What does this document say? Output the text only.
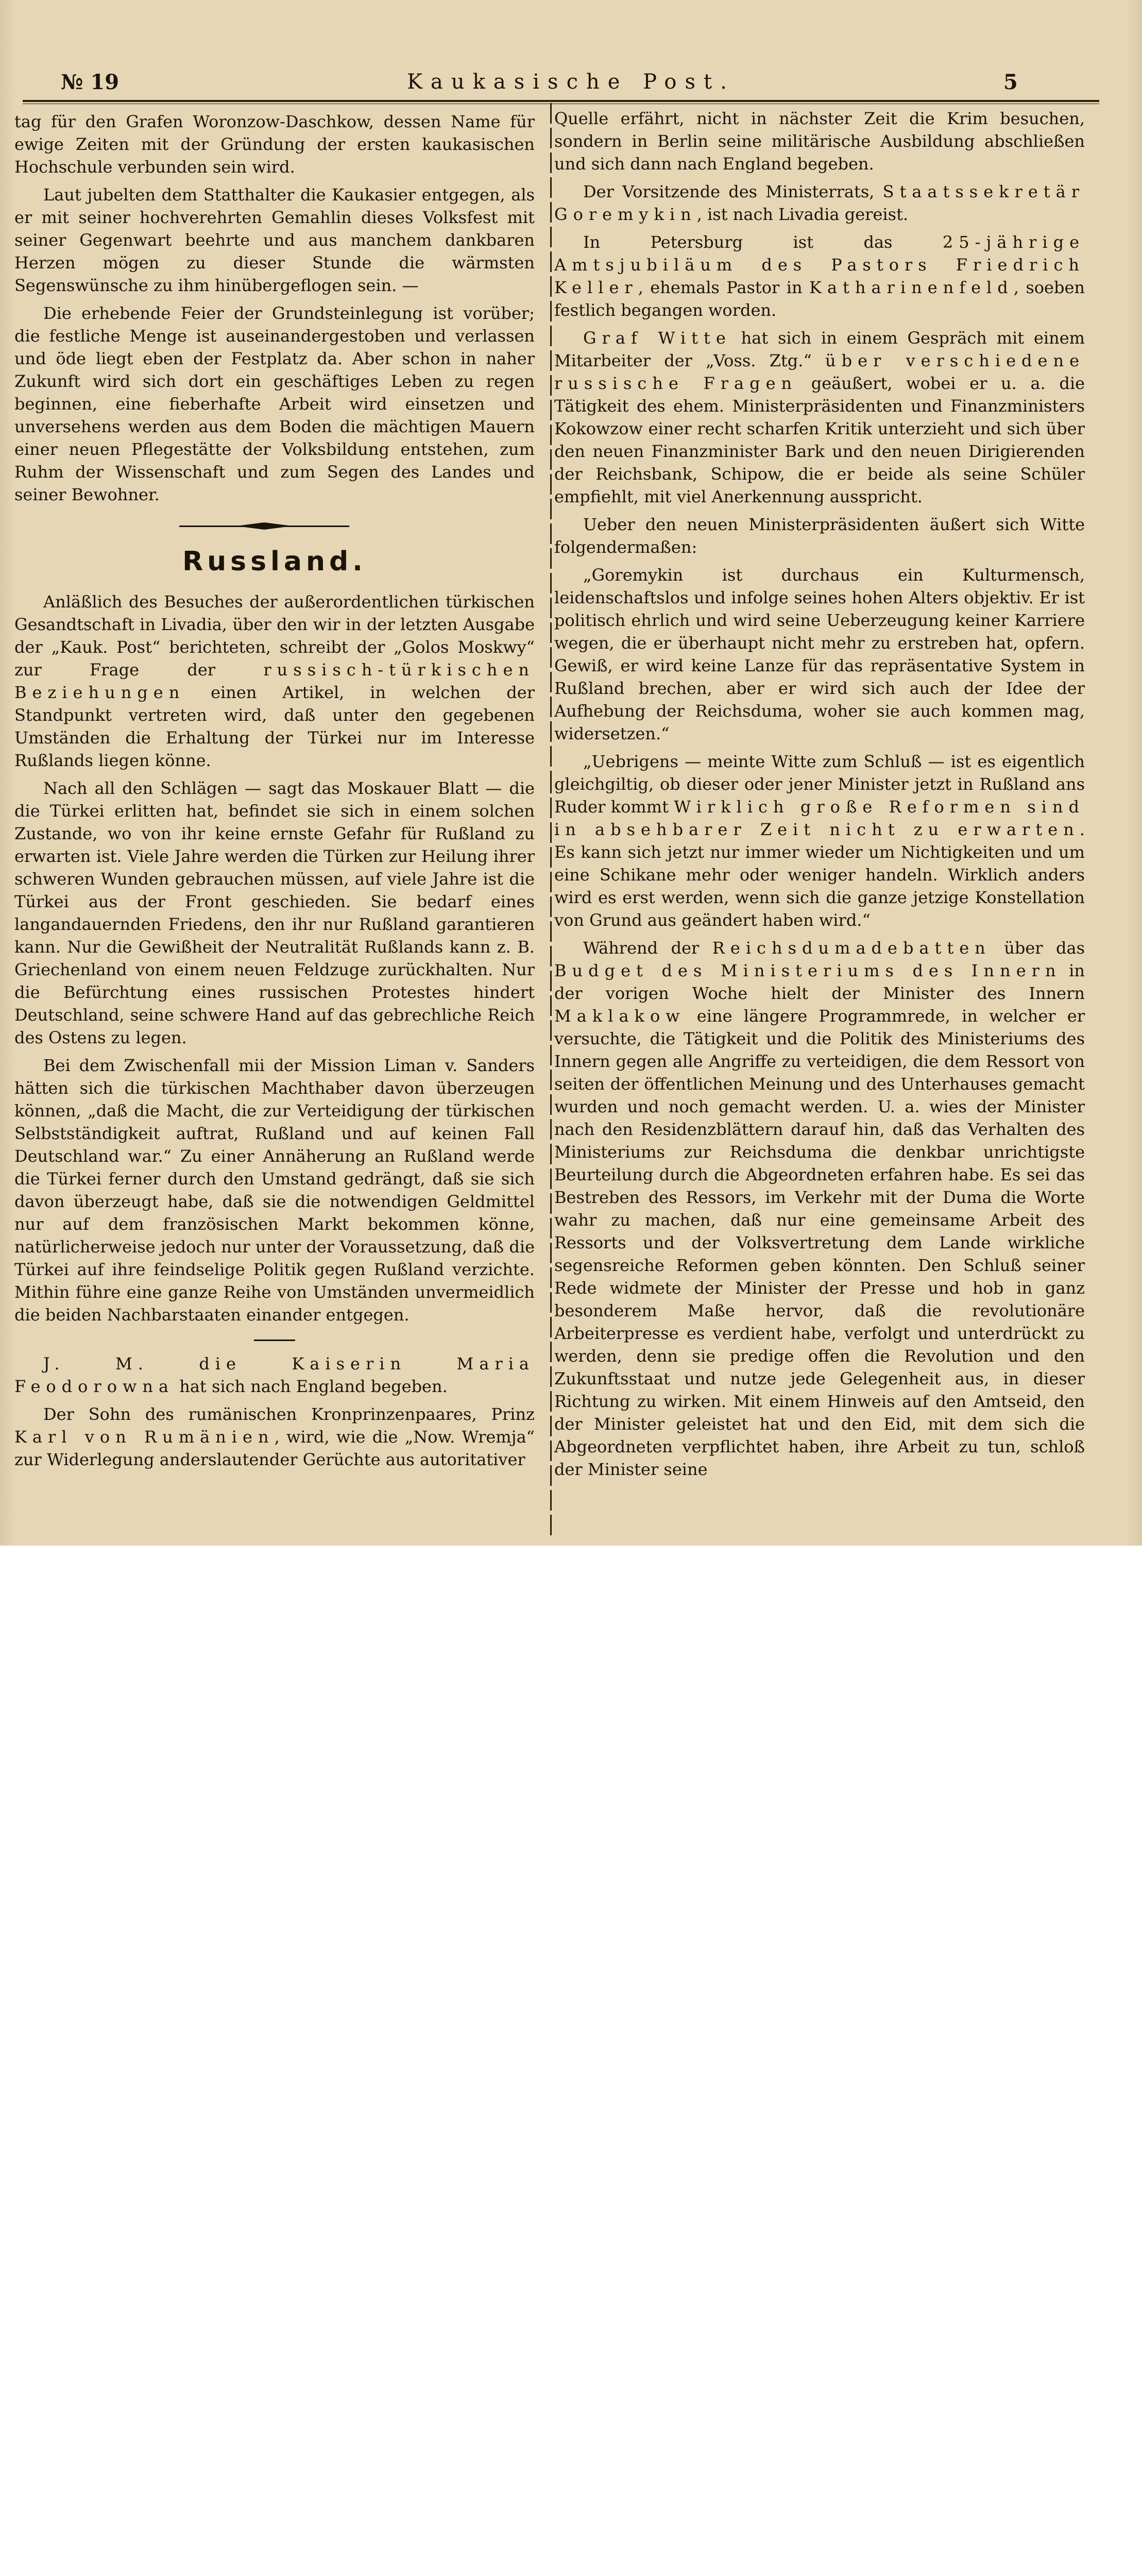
№ 19	Kaukasische Post.	5

tag für den Grafen Woronzow-Daschkow, dessen Name für ewige Zeiten mit der Gründung der ersten kaukasischen Hochschule verbunden sein wird.

Laut jubelten dem Statthalter die Kaukasier entgegen, als er mit seiner hochverehrten Gemahlin dieses Volksfest mit seiner Gegenwart beehrte und aus manchem dankbaren Herzen mögen zu dieser Stunde die wärmsten Segenswünsche zu ihm hinübergeflogen sein. —

Die erhebende Feier der Grundsteinlegung ist vorüber; die festliche Menge ist auseinandergestoben und verlassen und öde liegt eben der Festplatz da. Aber schon in naher Zukunft wird sich dort ein geschäftiges Leben zu regen beginnen, eine fieberhafte Arbeit wird einsetzen und unversehens werden aus dem Boden die mächtigen Mauern einer neuen Pflegestätte der Volksbildung entstehen, zum Ruhm der Wissenschaft und zum Segen des Landes und seiner Bewohner.

Russland.

Anläßlich des Besuches der außerordentlichen türkischen Gesandtschaft in Livadia, über den wir in der letzten Ausgabe der „Kauk. Post“ berichteten, schreibt der „Golos Moskwy“ zur Frage der russisch-türkischen Beziehungen einen Artikel, in welchen der Standpunkt vertreten wird, daß unter den gegebenen Umständen die Erhaltung der Türkei nur im Interesse Rußlands liegen könne.

Nach all den Schlägen — sagt das Moskauer Blatt — die die Türkei erlitten hat, befindet sie sich in einem solchen Zustande, wo von ihr keine ernste Gefahr für Rußland zu erwarten ist. Viele Jahre werden die Türken zur Heilung ihrer schweren Wunden gebrauchen müssen, auf viele Jahre ist die Türkei aus der Front geschieden. Sie bedarf eines langandauernden Friedens, den ihr nur Rußland garantieren kann. Nur die Gewißheit der Neutralität Rußlands kann z. B. Griechenland von einem neuen Feldzuge zurückhalten. Nur die Befürchtung eines russischen Protestes hindert Deutschland, seine schwere Hand auf das gebrechliche Reich des Ostens zu legen.

Bei dem Zwischenfall mii der Mission Liman v. Sanders hätten sich die türkischen Machthaber davon überzeugen können, „daß die Macht, die zur Verteidigung der türkischen Selbstständigkeit auftrat, Rußland und auf keinen Fall Deutschland war.“ Zu einer Annäherung an Rußland werde die Türkei ferner durch den Umstand gedrängt, daß sie sich davon überzeugt habe, daß sie die notwendigen Geldmittel nur auf dem französischen Markt bekommen könne, natürlicherweise jedoch nur unter der Voraussetzung, daß die Türkei auf ihre feindselige Politik gegen Rußland verzichte. Mithin führe eine ganze Reihe von Umständen unvermeidlich die beiden Nachbarstaaten einander entgegen.

J. M. die Kaiserin Maria Feodorowna hat sich nach England begeben.

Der Sohn des rumänischen Kronprinzenpaares, Prinz Karl von Rumänien, wird, wie die „Now. Wremja“ zur Widerlegung anderslautender Gerüchte aus autoritativer

Quelle erfährt, nicht in nächster Zeit die Krim besuchen, sondern in Berlin seine militärische Ausbildung abschließen und sich dann nach England begeben.

Der Vorsitzende des Ministerrats, Staatssekretär Goremykin, ist nach Livadia gereist.

In Petersburg ist das 25-jährige Amtsjubiläum des Pastors Friedrich Keller, ehemals Pastor in Katharinenfeld, soeben festlich begangen worden.

Graf Witte hat sich in einem Gespräch mit einem Mitarbeiter der „Voss. Ztg.“ über verschiedene russische Fragen geäußert, wobei er u. a. die Tätigkeit des ehem. Ministerpräsidenten und Finanzministers Kokowzow einer recht scharfen Kritik unterzieht und sich über den neuen Finanzminister Bark und den neuen Dirigierenden der Reichsbank, Schipow, die er beide als seine Schüler empfiehlt, mit viel Anerkennung ausspricht.

Ueber den neuen Ministerpräsidenten äußert sich Witte folgendermaßen:

„Goremykin ist durchaus ein Kulturmensch, leidenschaftslos und infolge seines hohen Alters objektiv. Er ist politisch ehrlich und wird seine Ueberzeugung keiner Karriere wegen, die er überhaupt nicht mehr zu erstreben hat, opfern. Gewiß, er wird keine Lanze für das repräsentative System in Rußland brechen, aber er wird sich auch der Idee der Aufhebung der Reichsduma, woher sie auch kommen mag, widersetzen.“

„Uebrigens — meinte Witte zum Schluß — ist es eigentlich gleichgiltig, ob dieser oder jener Minister jetzt in Rußland ans Ruder kommt Wirklich große Reformen sind in absehbarer Zeit nicht zu erwarten. Es kann sich jetzt nur immer wieder um Nichtigkeiten und um eine Schikane mehr oder weniger handeln. Wirklich anders wird es erst werden, wenn sich die ganze jetzige Konstellation von Grund aus geändert haben wird.“

Während der Reichsdumadebatten über das Budget des Ministeriums des Innern in der vorigen Woche hielt der Minister des Innern Maklakow eine längere Programmrede, in welcher er versuchte, die Tätigkeit und die Politik des Ministeriums des Innern gegen alle Angriffe zu verteidigen, die dem Ressort von seiten der öffentlichen Meinung und des Unterhauses gemacht wurden und noch gemacht werden. U. a. wies der Minister nach den Residenzblättern darauf hin, daß das Verhalten des Ministeriums zur Reichsduma die denkbar unrichtigste Beurteilung durch die Abgeordneten erfahren habe. Es sei das Bestreben des Ressors, im Verkehr mit der Duma die Worte wahr zu machen, daß nur eine gemeinsame Arbeit des Ressorts und der Volksvertretung dem Lande wirkliche segensreiche Reformen geben könnten. Den Schluß seiner Rede widmete der Minister der Presse und hob in ganz besonderem Maße hervor, daß die revolutionäre Arbeiterpresse es verdient habe, verfolgt und unterdrückt zu werden, denn sie predige offen die Revolution und den Zukunftsstaat und nutze jede Gelegenheit aus, in dieser Richtung zu wirken. Mit einem Hinweis auf den Amtseid, den der Minister geleistet hat und den Eid, mit dem sich die Abgeordneten verpflichtet haben, ihre Arbeit zu tun, schloß der Minister seine
